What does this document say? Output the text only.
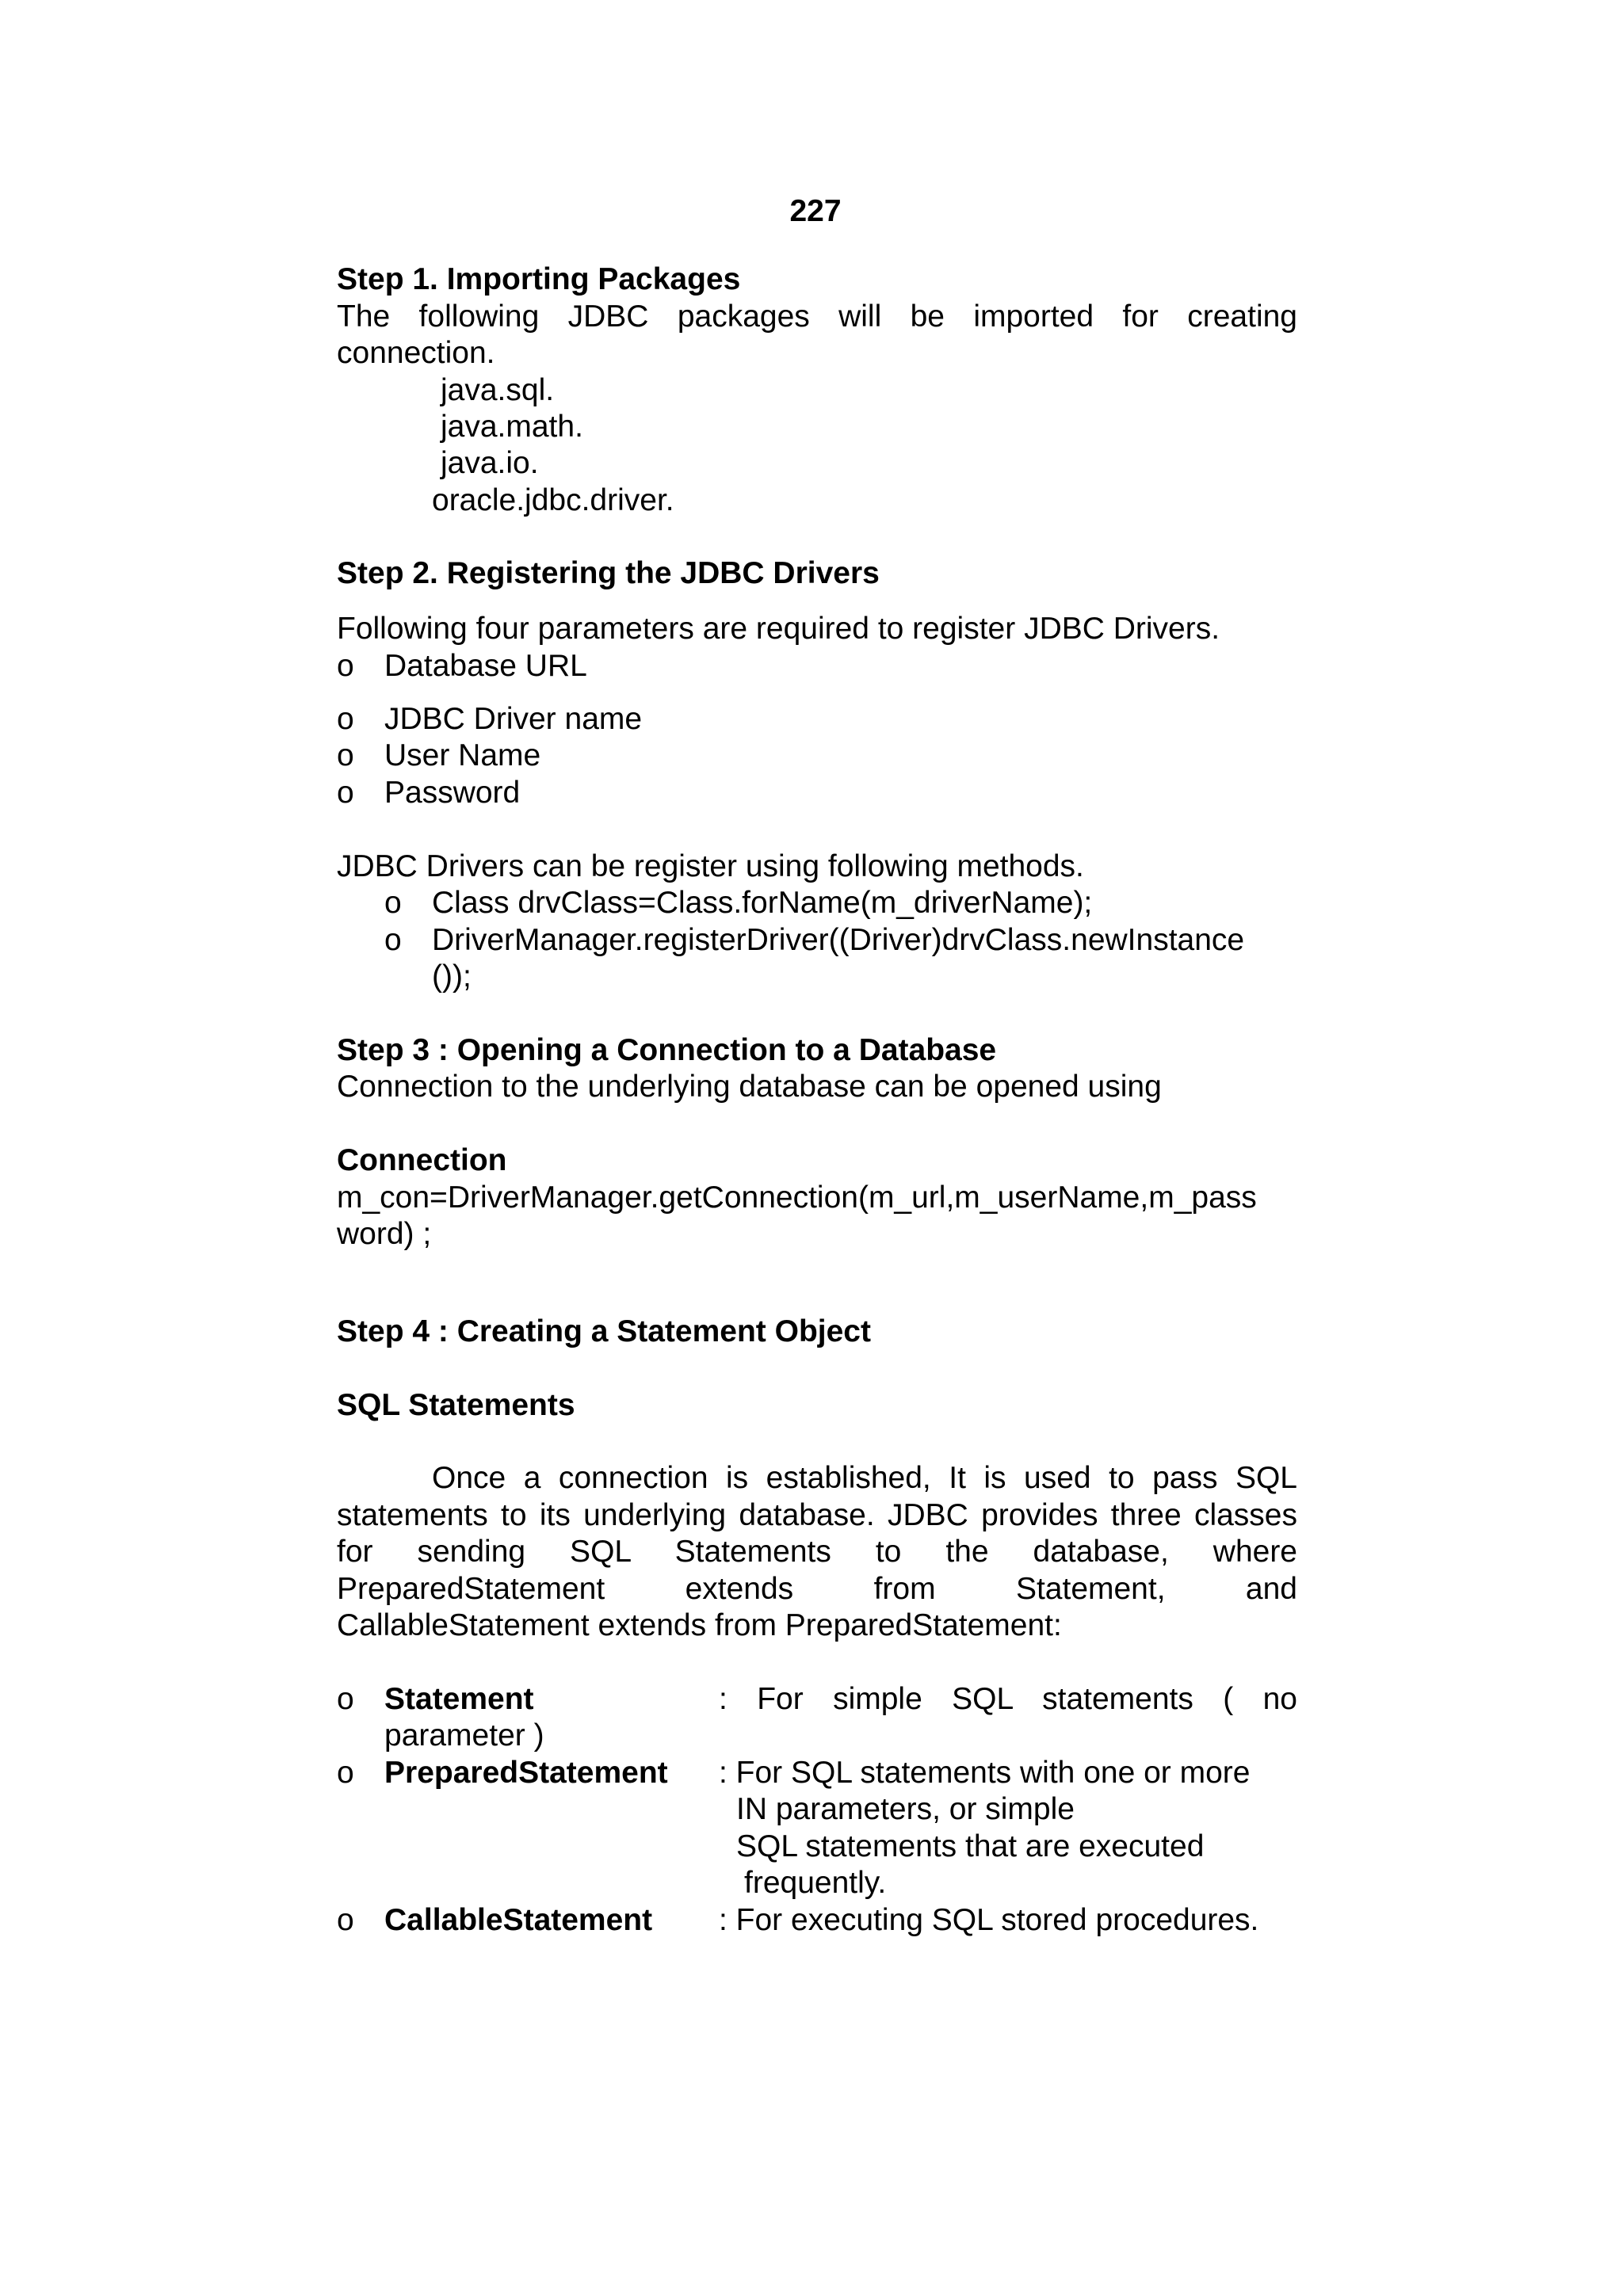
227
Step 1. Importing Packages
The following JDBC packages will be imported for creating
connection.
java.sql.
java.math.
java.io.
oracle.jdbc.driver.
Step 2. Registering the JDBC Drivers
Following four parameters are required to register JDBC Drivers.
o Database URL
o JDBC Driver name
o User Name
o Password
JDBC Drivers can be register using following methods.
o Class drvClass=Class.forName(m_driverName);
o DriverManager.registerDriver((Driver)drvClass.newInstance
());
Step 3 : Opening a Connection to a Database
Connection to the underlying database can be opened using
Connection
m_con=DriverManager.getConnection(m_url,m_userName,m_pass
word) ;
Step 4 : Creating a Statement Object
SQL Statements
Once a connection is established, It is used to pass SQL
statements to its underlying database. JDBC provides three classes
for sending SQL Statements to the database, where
PreparedStatement extends from Statement, and
CallableStatement extends from PreparedStatement:
o Statement	: For simple SQL statements ( no
parameter )
o PreparedStatement : For SQL statements with one or more
IN parameters, or simple
SQL statements that are executed
frequently.
o CallableStatement : For executing SQL stored procedures.
